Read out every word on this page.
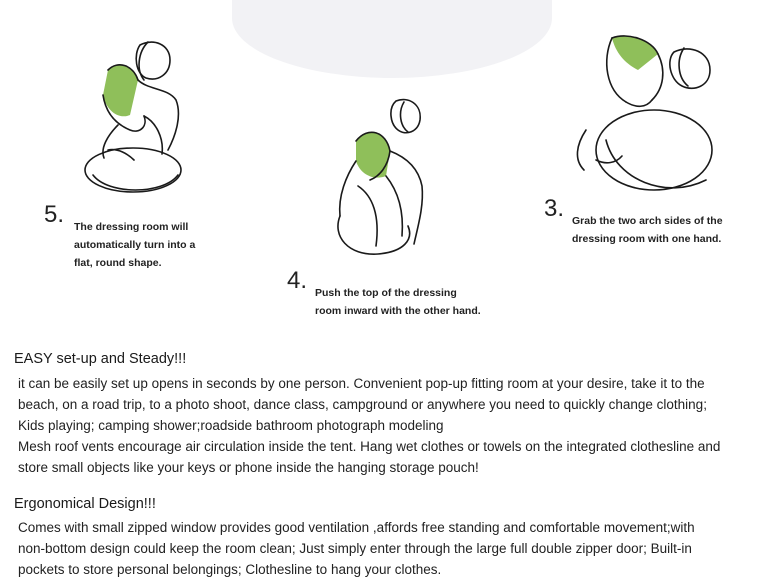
5. The dressing room will
automatically turn into a
flat, round shape.
4. Push the top of the dressing
room inward with the other hand.
3. Grab the two arch sides of the
dressing room with one hand.
EASY set-up and Steady!!!
it can be easily set up opens in seconds by one person. Convenient pop-up fitting room at your desire, take it to the
beach, on a road trip, to a photo shoot, dance class, campground or anywhere you need to quickly change clothing;
Kids playing; camping shower;roadside bathroom photograph modeling
Mesh roof vents encourage air circulation inside the tent. Hang wet clothes or towels on the integrated clothesline and
store small objects like your keys or phone inside the hanging storage pouch!
Ergonomical Design!!!
Comes with small zipped window provides good ventilation ,affords free standing and comfortable movement;with
non-bottom design could keep the room clean; Just simply enter through the large full double zipper door; Built-in
pockets to store personal belongings; Clothesline to hang your clothes.
